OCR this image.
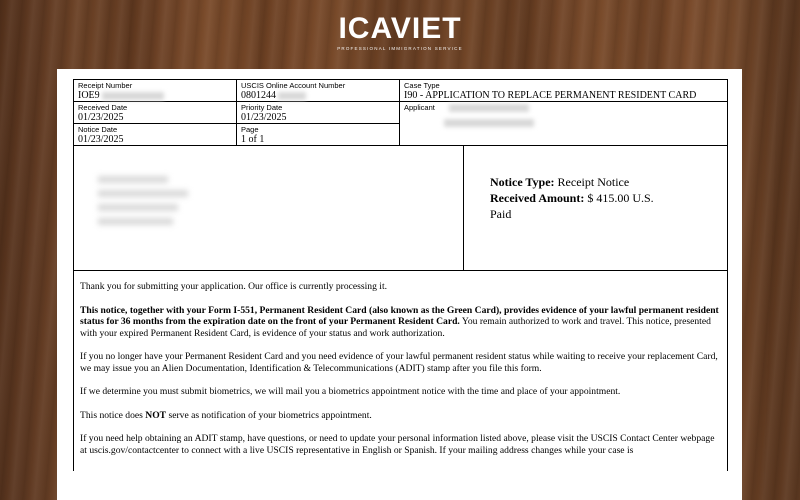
ICAVIET
PROFESSIONAL IMMIGRATION SERVICE
Receipt Number
IOE9
USCIS Online Account Number
0801244
Case Type
I90 - APPLICATION TO REPLACE PERMANENT RESIDENT CARD
Received Date
01/23/2025
Priority Date
01/23/2025
Applicant
Notice Date
01/23/2025
Page
1 of 1
Notice Type: Receipt Notice
Received Amount: $ 415.00 U.S.
Paid

Thank you for submitting your application. Our office is currently processing it.

This notice, together with your Form I-551, Permanent Resident Card (also known as the Green Card), provides evidence of your lawful permanent resident status for 36 months from the expiration date on the front of your Permanent Resident Card. You remain authorized to work and travel. This notice, presented with your expired Permanent Resident Card, is evidence of your status and work authorization.

If you no longer have your Permanent Resident Card and you need evidence of your lawful permanent resident status while waiting to receive your replacement Card, we may issue you an Alien Documentation, Identification & Telecommunications (ADIT) stamp after you file this form.

If we determine you must submit biometrics, we will mail you a biometrics appointment notice with the time and place of your appointment.

This notice does NOT serve as notification of your biometrics appointment.

If you need help obtaining an ADIT stamp, have questions, or need to update your personal information listed above, please visit the USCIS Contact Center webpage at uscis.gov/contactcenter to connect with a live USCIS representative in English or Spanish. If your mailing address changes while your case is
